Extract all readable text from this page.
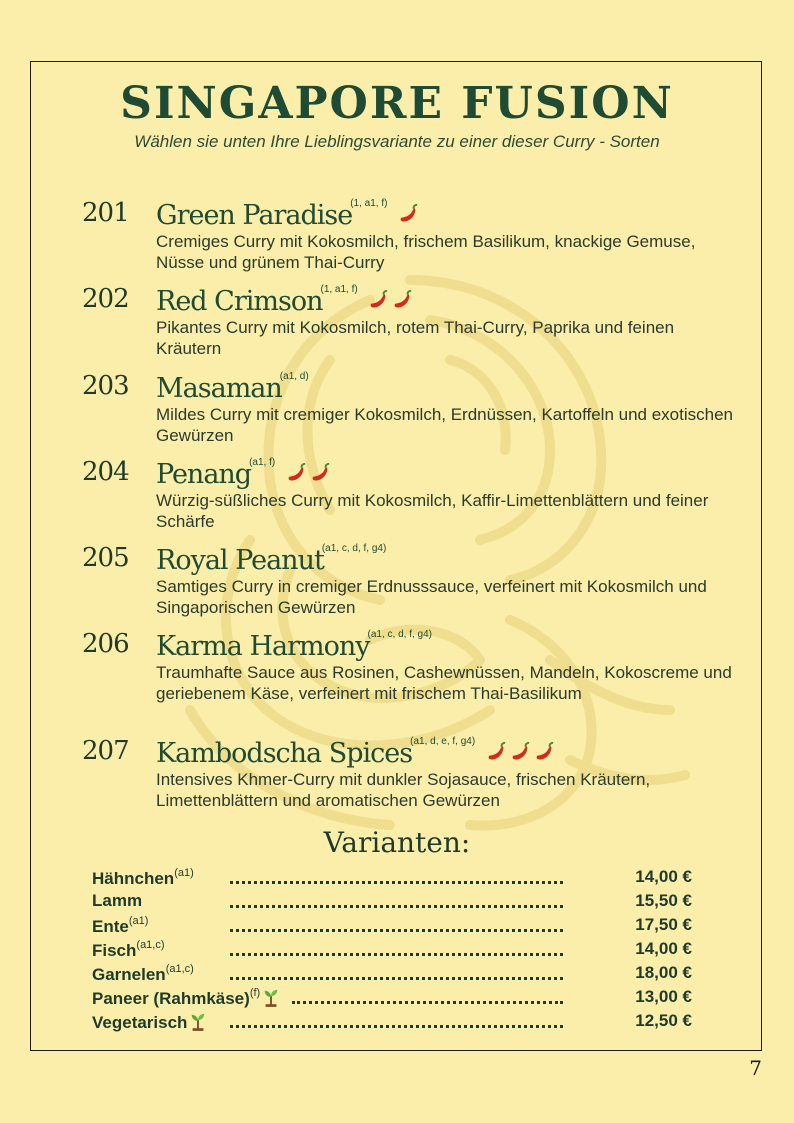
SINGAPORE FUSION
Wählen sie unten Ihre Lieblingsvariante zu einer dieser Curry - Sorten
201 Green Paradise$^{(1, a1, f)}$
Cremiges Curry mit Kokosmilch, frischem Basilikum, knackige Gemuse, Nüsse und grünem Thai-Curry
202 Red Crimson$^{(1, a1, f)}$
Pikantes Curry mit Kokosmilch, rotem Thai-Curry, Paprika und feinen Kräutern
203 Masaman$^{(a1, d)}$
Mildes Curry mit cremiger Kokosmilch, Erdnüssen, Kartoffeln und exotischen Gewürzen
204 Penang$^{(a1, f)}$
Würzig-süßliches Curry mit Kokosmilch, Kaffir-Limettenblättern und feiner Schärfe
205 Royal Peanut$^{(a1, c, d, f, g4)}$
Samtiges Curry in cremiger Erdnusssauce, verfeinert mit Kokosmilch und Singaporischen Gewürzen
206 Karma Harmony$^{(a1, c, d, f, g4)}$
Traumhafte Sauce aus Rosinen, Cashewnüssen, Mandeln, Kokoscreme und geriebenem Käse, verfeinert mit frischem Thai-Basilikum
207 Kambodscha Spices$^{(a1, d, e, f, g4)}$
Intensives Khmer-Curry mit dunkler Sojasauce, frischen Kräutern, Limettenblättern und aromatischen Gewürzen
Varianten:
Hähnchen$^{(a1)}$	14,00 €
Lamm	15,50 €
Ente$^{(a1)}$	17,50 €
Fisch$^{(a1,c)}$	14,00 €
Garnelen$^{(a1,c)}$	18,00 €
Paneer (Rahmkäse)$^{(f)}$	13,00 €
Vegetarisch	12,50 €
7
